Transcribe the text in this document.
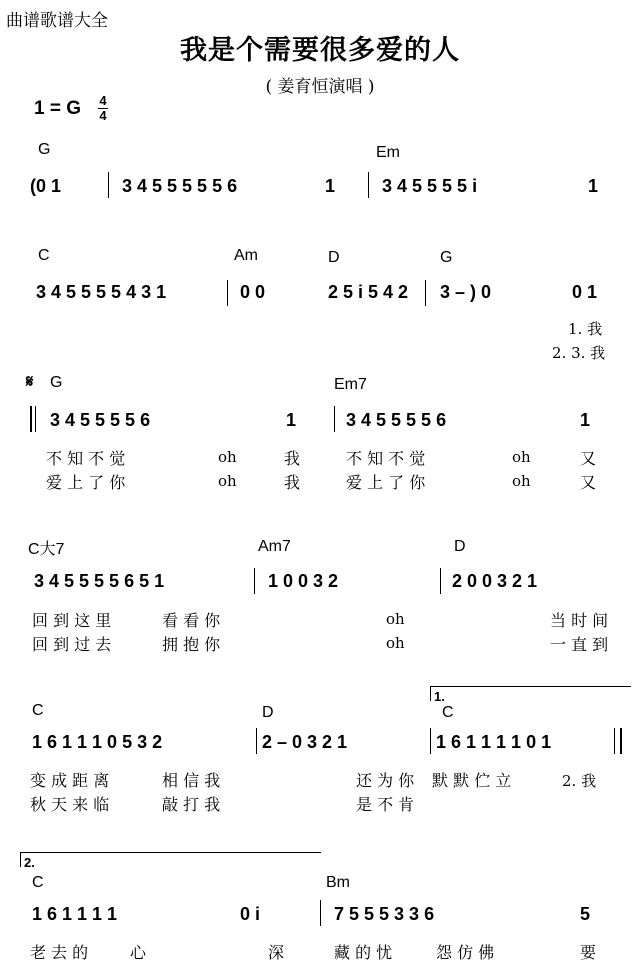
曲谱歌谱大全
我是个需要很多爱的人
( 姜育恒演唱 )
1 = G 4
4
G	Em
(0 1	3 4 5 5 5 5 5 6	1	3 4 5 5 5 5 i	1
C	Am	D	G
3 4 5 5 5 5 4 3 1	0 0	2 5 i 5 4 2 3 – ) 0	0 1
1. 我
2. 3. 我
𝄋 G	Em7
3 4 5 5 5 5 6	1	3 4 5 5 5 5 6	1
不 知 不 觉	oh	我	不 知 不 觉	oh	又
爱 上 了 你	oh	我	爱 上 了 你	oh	又
C大7	Am7	D
3 4 5 5 5 5 6 5 1	1 0 0 3 2	2 0 0 3 2 1
回 到 这 里	看 看 你	oh	当 时 间
回 到 过 去	拥 抱 你	oh	一 直 到
1.
C	D	C
1 6 1 1 1 0 5 3 2	2 – 0 3 2 1	1 6 1 1 1 1 0 1
变 成 距 离	相 信 我	还 为 你 默 默 伫 立	2. 我
秋 天 来 临	敲 打 我	是 不 肯
2.
C	Bm
1 6 1 1 1 1	0 i	7 5 5 5 3 3 6	5
老 去 的	心	深	藏 的 忧	怨 仿 佛	要
